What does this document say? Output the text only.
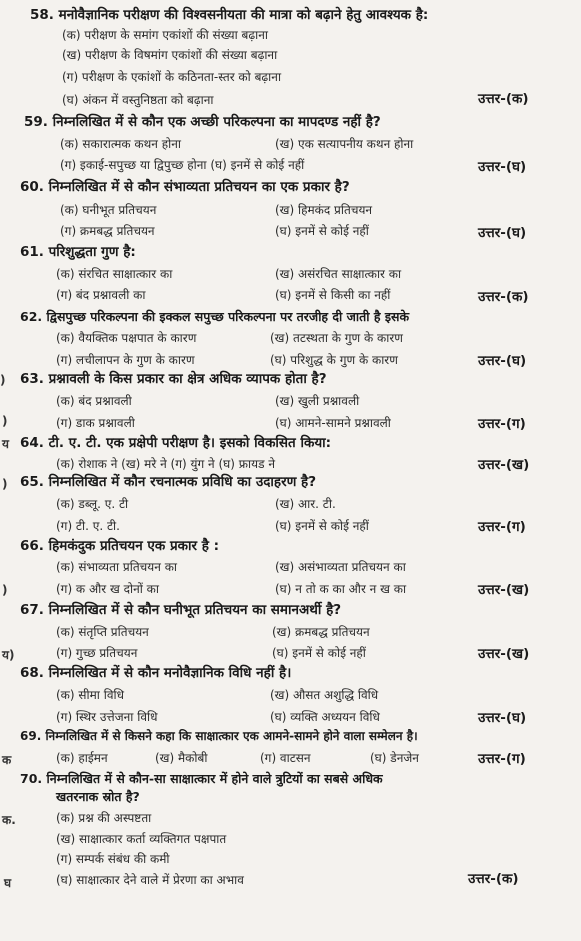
58. मनोवैज्ञानिक परीक्षण की विश्वसनीयता की मात्रा को बढ़ाने हेतु आवश्यक है:
(क) परीक्षण के समांग एकांशों की संख्या बढ़ाना
(ख) परीक्षण के विषमांग एकांशों की संख्या बढ़ाना
(ग) परीक्षण के एकांशों के कठिनता-स्तर को बढ़ाना
(घ) अंकन में वस्तुनिष्ठता को बढ़ाना	उत्तर-(क)
59. निम्नलिखित में से कौन एक अच्छी परिकल्पना का मापदण्ड नहीं है?
(क) सकारात्मक कथन होना	(ख) एक सत्यापनीय कथन होना
(ग) इकाई-सपुच्छ या द्विपुच्छ होना (घ) इनमें से कोई नहीं	उत्तर-(घ)
60. निम्नलिखित में से कौन संभाव्यता प्रतिचयन का एक प्रकार है?
(क) घनीभूत प्रतिचयन	(ख) हिमकंद प्रतिचयन
(ग) क्रमबद्ध प्रतिचयन	(घ) इनमें से कोई नहीं	उत्तर-(घ)
61. परिशुद्धता गुण है:
(क) संरचित साक्षात्कार का	(ख) असंरचित साक्षात्कार का
(ग) बंद प्रश्नावली का	(घ) इनमें से किसी का नहीं	उत्तर-(क)
62. द्विसपुच्छ परिकल्पना की इक्कल सपुच्छ परिकल्पना पर तरजीह दी जाती है इसके
(क) वैयक्तिक पक्षपात के कारण	(ख) तटस्थता के गुण के कारण
(ग) लचीलापन के गुण के कारण	(घ) परिशुद्ध के गुण के कारण	उत्तर-(घ)
63. प्रश्नावली के किस प्रकार का क्षेत्र अधिक व्यापक होता है?
(क) बंद प्रश्नावली	(ख) खुली प्रश्नावली
(ग) डाक प्रश्नावली	(घ) आमने-सामने प्रश्नावली	उत्तर-(ग)
64. टी. ए. टी. एक प्रक्षेपी परीक्षण है। इसको विकसित किया:
(क) रोशाक ने (ख) मरे ने (ग) युंग ने (घ) फ्रायड ने	उत्तर-(ख)
65. निम्नलिखित में कौन रचनात्मक प्रविधि का उदाहरण है?
(क) डब्लू. ए. टी	(ख) आर. टी.
(ग) टी. ए. टी.	(घ) इनमें से कोई नहीं	उत्तर-(ग)
66. हिमकंदुक प्रतिचयन एक प्रकार है :
(क) संभाव्यता प्रतिचयन का	(ख) असंभाव्यता प्रतिचयन का
(ग) क और ख दोनों का	(घ) न तो क का और न ख का	उत्तर-(ख)
67. निम्नलिखित में से कौन घनीभूत प्रतिचयन का समानअर्थी है?
(क) संतृप्ति प्रतिचयन	(ख) क्रमबद्ध प्रतिचयन
(ग) गुच्छ प्रतिचयन	(घ) इनमें से कोई नहीं	उत्तर-(ख)
68. निम्नलिखित में से कौन मनोवैज्ञानिक विधि नहीं है।
(क) सीमा विधि	(ख) औसत अशुद्धि विधि
(ग) स्थिर उत्तेजना विधि	(घ) व्यक्ति अध्ययन विधि	उत्तर-(घ)
69. निम्नलिखित में से किसने कहा कि साक्षात्कार एक आमने-सामने होने वाला सम्मेलन है।
(क) हाईमन	(ख) मैकोबी	(ग) वाटसन	(घ) डेनजेन	उत्तर-(ग)
70. निम्नलिखित में से कौन-सा साक्षात्कार में होने वाले त्रुटियों का सबसे अधिक
खतरनाक स्रोत है?
(क) प्रश्न की अस्पष्टता
(ख) साक्षात्कार कर्ता व्यक्तिगत पक्षपात
(ग) सम्पर्क संबंध की कमी
(घ) साक्षात्कार देने वाले में प्रेरणा का अभाव	उत्तर-(क)
)
)
य
)
)
य)
क
क.
घ
